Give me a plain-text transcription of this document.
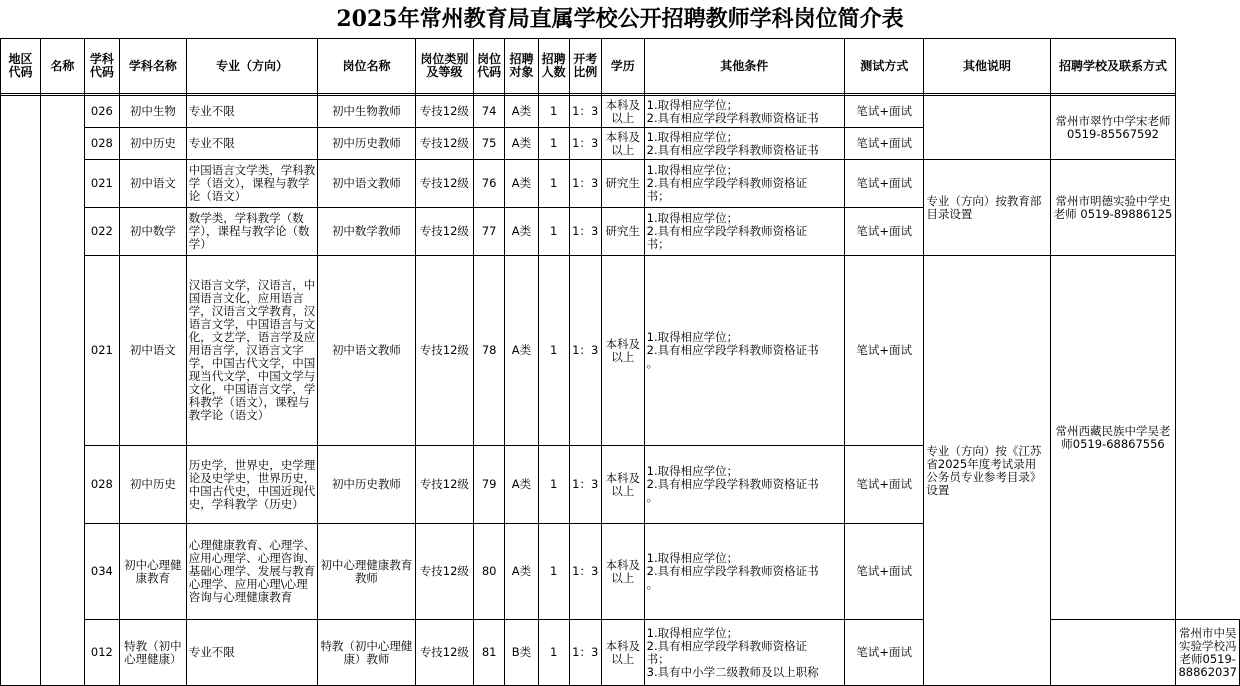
2025年常州教育局直属学校公开招聘教师学科岗位简介表
地区代码	名称	学科代码	学科名称	专业（方向）	岗位名称	岗位类别及等级	岗位代码	招聘对象	招聘人数	开考比例	学历	其他条件	测试方式	其他说明	招聘学校及联系方式	

		026	初中生物	专业不限	初中生物教师	专技12级	74	A类	1	1：3	本科及以上	1.取得相应学位；
2.具有相应学段学科教师资格证书	笔试+面试		常州市翠竹中学宋老师0519-85567592	
		028	初中历史	专业不限	初中历史教师	专技12级	75	A类	1	1：3	本科及以上	1.取得相应学位；
2.具有相应学段学科教师资格证书	笔试+面试			
		021	初中语文	中国语言文学类，学科教学（语文），课程与教学论（语文）	初中语文教师	专技12级	76	A类	1	1：3	研究生	1.取得相应学位；
2.具有相应学段学科教师资格证
书；	笔试+面试	专业（方向）按教育部目录设置	常州市明德实验中学史老师 0519-89886125	
		022	初中数学	数学类，学科教学（数学），课程与教学论（数学）	初中数学教师	专技12级	77	A类	1	1：3	研究生	1.取得相应学位；
2.具有相应学段学科教师资格证
书；	笔试+面试			
		021	初中语文	汉语言文学，汉语言，中国语言文化，应用语言学，汉语言文学教育，汉语言文学，中国语言与文化，文艺学，语言学及应用语言学，汉语言文字学，中国古代文学，中国现当代文学，中国文学与文化，中国语言文学，学科教学（语文），课程与教学论（语文）	初中语文教师	专技12级	78	A类	1	1：3	本科及以上	1.取得相应学位；
2.具有相应学段学科教师资格证书
。	笔试+面试	专业（方向）按《江苏省2025年度考试录用公务员专业参考目录》设置	常州西藏民族中学吴老师0519-68867556	
		028	初中历史	历史学，世界史，史学理论及史学史，世界历史，中国古代史，中国近现代史，学科教学（历史）	初中历史教师	专技12级	79	A类	1	1：3	本科及以上	1.取得相应学位；
2.具有相应学段学科教师资格证书
。	笔试+面试			
		034	初中心理健康教育	心理健康教育、心理学、应用心理学、心理咨询、基础心理学、发展与教育心理学、应用心理\心理咨询与心理健康教育	初中心理健康教育教师	专技12级	80	A类	1	1：3	本科及以上	1.取得相应学位；
2.具有相应学段学科教师资格证书
。	笔试+面试			
		012	特教（初中心理健康）	专业不限	特教（初中心理健康）教师	专技12级	81	B类	1	1：3	本科及以上	1.取得相应学位；
2.具有相应学段学科教师资格证
书；
3.具有中小学二级教师及以上职称	笔试+面试			常州市中吴实验学校冯老师0519-88862037
